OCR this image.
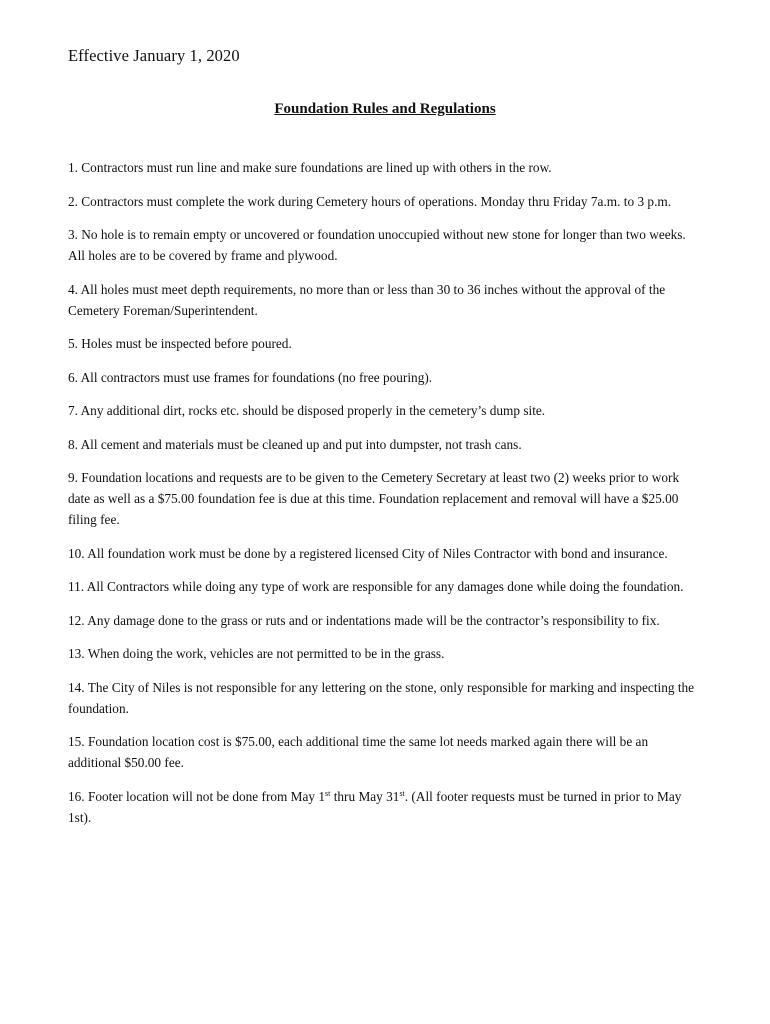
Effective January 1, 2020

Foundation Rules and Regulations

1. Contractors must run line and make sure foundations are lined up with others in the row.
2. Contractors must complete the work during Cemetery hours of operations. Monday thru Friday 7a.m. to 3 p.m.
3. No hole is to remain empty or uncovered or foundation unoccupied without new stone for longer than two weeks. All holes are to be covered by frame and plywood.
4. All holes must meet depth requirements, no more than or less than 30 to 36 inches without the approval of the Cemetery Foreman/Superintendent.
5. Holes must be inspected before poured.
6. All contractors must use frames for foundations (no free pouring).
7. Any additional dirt, rocks etc. should be disposed properly in the cemetery’s dump site.
8. All cement and materials must be cleaned up and put into dumpster, not trash cans.
9. Foundation locations and requests are to be given to the Cemetery Secretary at least two (2) weeks prior to work date as well as a $75.00 foundation fee is due at this time. Foundation replacement and removal will have a $25.00 filing fee.
10. All foundation work must be done by a registered licensed City of Niles Contractor with bond and insurance.
11. All Contractors while doing any type of work are responsible for any damages done while doing the foundation.
12. Any damage done to the grass or ruts and or indentations made will be the contractor’s responsibility to fix.
13. When doing the work, vehicles are not permitted to be in the grass.
14. The City of Niles is not responsible for any lettering on the stone, only responsible for marking and inspecting the foundation.
15. Foundation location cost is $75.00, each additional time the same lot needs marked again there will be an additional $50.00 fee.
16. Footer location will not be done from May 1st thru May 31st. (All footer requests must be turned in prior to May 1st).
